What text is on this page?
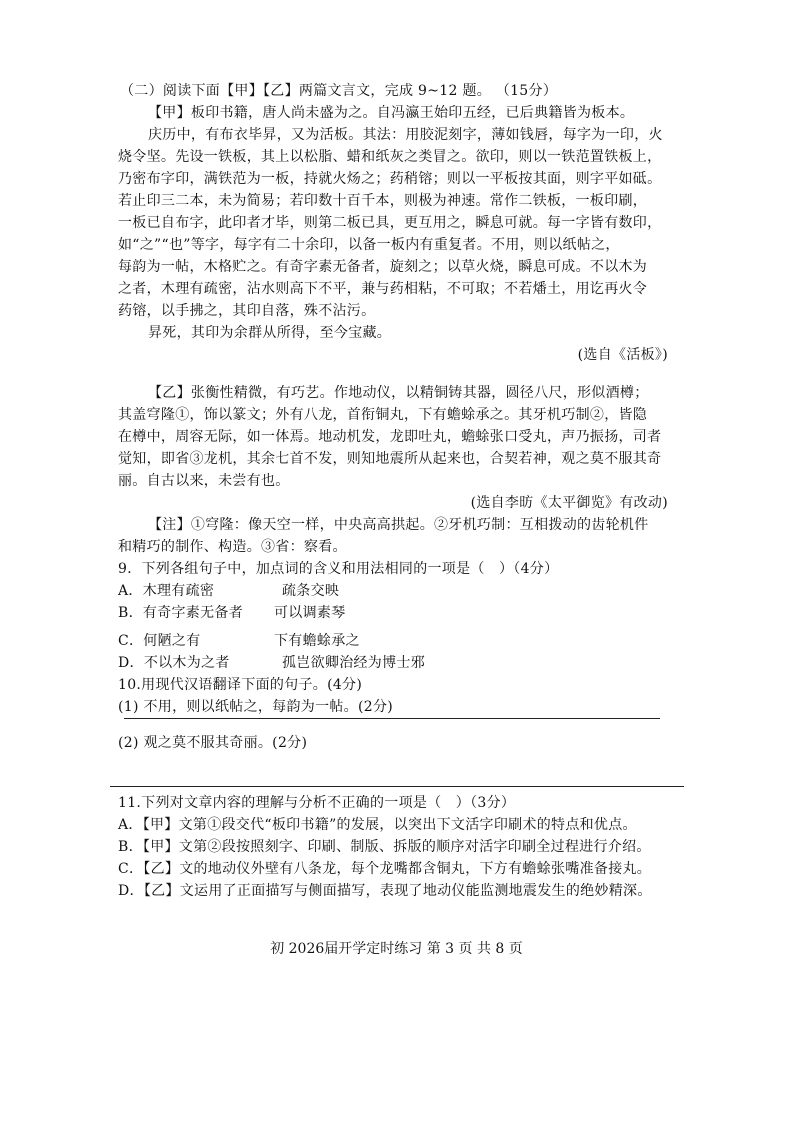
（二）阅读下面【甲】【乙】两篇文言文，完成 9~12 题。 （15分）
【甲】板印书籍，唐人尚未盛为之。自冯瀛王始印五经，已后典籍皆为板本。
庆历中，有布衣毕昇，又为活板。其法：用胶泥刻字，薄如钱唇，每字为一印，火
烧令坚。先设一铁板，其上以松脂、蜡和纸灰之类冒之。欲印，则以一铁范置铁板上，
乃密布字印，满铁范为一板，持就火炀之；药稍镕；则以一平板按其面，则字平如砥。
若止印三二本，未为简易；若印数十百千本，则极为神速。常作二铁板，一板印刷，
一板已自布字，此印者才毕，则第二板已具，更互用之，瞬息可就。每一字皆有数印，
如“之”“也”等字，每字有二十余印，以备一板内有重复者。不用，则以纸帖之，
每韵为一帖，木格贮之。有奇字素无备者，旋刻之；以草火烧，瞬息可成。不以木为
之者，木理有疏密，沾水则高下不平，兼与药相粘，不可取；不若燔土，用讫再火令
药镕，以手拂之，其印自落，殊不沾污。
昇死，其印为余群从所得，至今宝藏。
(选自《活板》)
【乙】张衡性精微，有巧艺。作地动仪，以精铜铸其器，圆径八尺，形似酒樽；
其盖穹隆①，饰以篆文；外有八龙，首衔铜丸，下有蟾蜍承之。其牙机巧制②，皆隐
在樽中，周容无际，如一体焉。地动机发，龙即吐丸，蟾蜍张口受丸，声乃振扬，司者
觉知，即省③龙机，其余七首不发，则知地震所从起来也，合契若神，观之莫不服其奇
丽。自古以来，未尝有也。
(选自李昉《太平御览》有改动)
【注】①穹隆：像天空一样，中央高高拱起。②牙机巧制：互相拨动的齿轮机件
和精巧的制作、构造。③省：察看。
9．下列各组句子中，加点词的含义和用法相同的一项是（　）（4分）
A．木理有疏密	疏条交映
B．有奇字素无备者 可以调素琴
C．何陋之有	下有蟾蜍承之
D．不以木为之者	孤岂欲卿治经为博士邪
10.用现代汉语翻译下面的句子。(4分)
(1) 不用，则以纸帖之，每韵为一帖。(2分)
(2) 观之莫不服其奇丽。(2分)
11.下列对文章内容的理解与分析不正确的一项是（　）（3分）
A．【甲】文第①段交代“板印书籍”的发展，以突出下文活字印刷术的特点和优点。
B．【甲】文第②段按照刻字、印刷、制版、拆版的顺序对活字印刷全过程进行介绍。
C．【乙】文的地动仪外壁有八条龙，每个龙嘴都含铜丸，下方有蟾蜍张嘴准备接丸。
D．【乙】文运用了正面描写与侧面描写，表现了地动仪能监测地震发生的绝妙精深。
初 2026届开学定时练习 第 3 页 共 8 页
